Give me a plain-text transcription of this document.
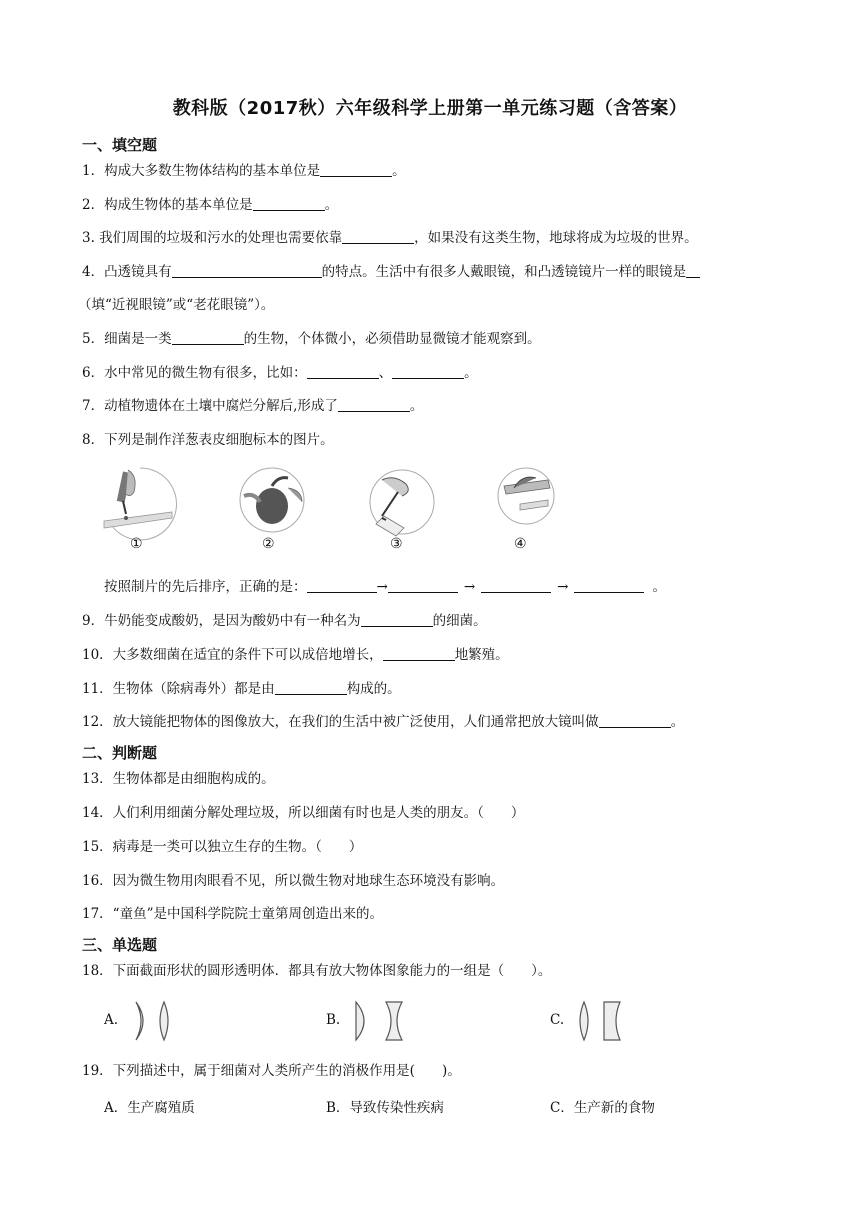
教科版（2017秋）六年级科学上册第一单元练习题（含答案）
一、填空题
1．构成大多数生物体结构的基本单位是	。
2．构成生物体的基本单位是	。
3. 我们周围的垃圾和污水的处理也需要依靠	，如果没有这类生物，地球将成为垃圾的世界。
4．凸透镜具有	的特点。生活中有很多人戴眼镜，和凸透镜镜片一样的眼镜是
（填“近视眼镜”或“老花眼镜”）。
5．细菌是一类	的生物，个体微小，必须借助显微镜才能观察到。
6．水中常见的微生物有很多，比如：	、	。
7．动植物遗体在土壤中腐烂分解后,形成了	。
8．下列是制作洋葱表皮细胞标本的图片。
①	②	③	④
按照制片的先后排序，正确的是：	→	→	→	。
9．牛奶能变成酸奶，是因为酸奶中有一种名为	的细菌。
10．大多数细菌在适宜的条件下可以成倍地增长，	地繁殖。
11．生物体（除病毒外）都是由	构成的。
12．放大镜能把物体的图像放大，在我们的生活中被广泛使用，人们通常把放大镜叫做	。
二、判断题
13．生物体都是由细胞构成的。
14．人们利用细菌分解处理垃圾，所以细菌有时也是人类的朋友。（　　）
15．病毒是一类可以独立生存的生物。（　　）
16．因为微生物用肉眼看不见，所以微生物对地球生态环境没有影响。
17．“童鱼”是中国科学院院士童第周创造出来的。
三、单选题
18．下面截面形状的圆形透明体．都具有放大物体图象能力的一组是（　　）。
A.	B.	C.
19．下列描述中，属于细菌对人类所产生的消极作用是(　　)。
A．生产腐殖质	B．导致传染性疾病	C．生产新的食物
